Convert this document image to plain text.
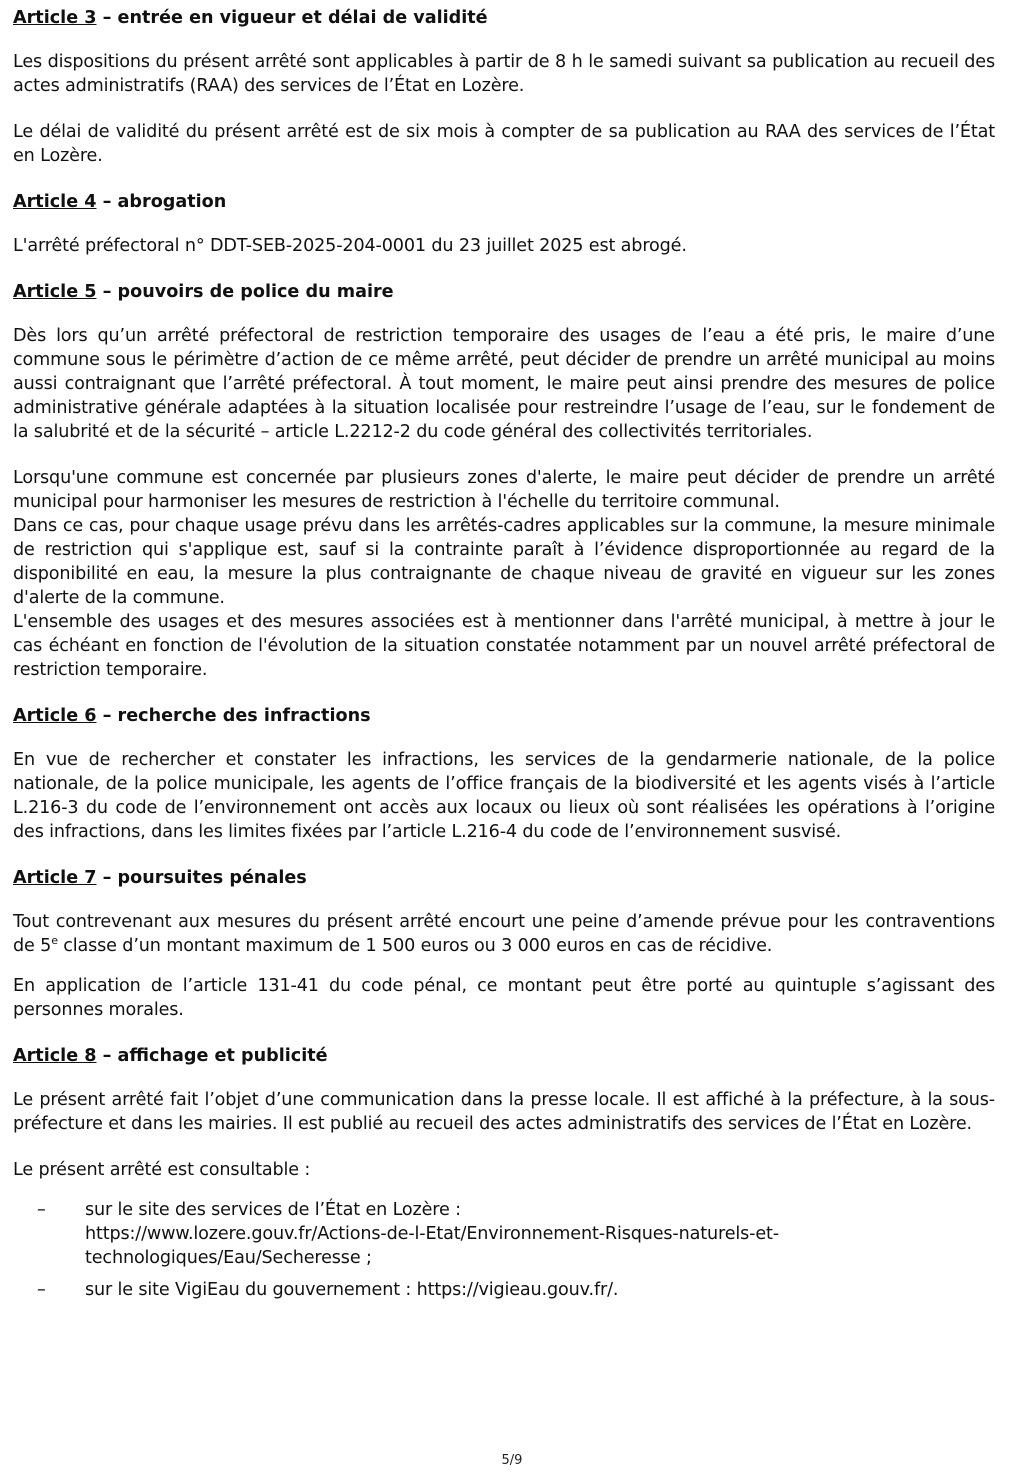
Article 3 – entrée en vigueur et délai de validité

Les dispositions du présent arrêté sont applicables à partir de 8 h le samedi suivant sa publication au recueil des actes administratifs (RAA) des services de l’État en Lozère.

Le délai de validité du présent arrêté est de six mois à compter de sa publication au RAA des services de l’État en Lozère.

Article 4 – abrogation

L'arrêté préfectoral n° DDT-SEB-2025-204-0001 du 23 juillet 2025 est abrogé.

Article 5 – pouvoirs de police du maire

Dès lors qu’un arrêté préfectoral de restriction temporaire des usages de l’eau a été pris, le maire d’une commune sous le périmètre d’action de ce même arrêté, peut décider de prendre un arrêté municipal au moins aussi contraignant que l’arrêté préfectoral. À tout moment, le maire peut ainsi prendre des mesures de police administrative générale adaptées à la situation localisée pour restreindre l’usage de l’eau, sur le fondement de la salubrité et de la sécurité – article L.2212-2 du code général des collectivités territoriales.

Lorsqu'une commune est concernée par plusieurs zones d'alerte, le maire peut décider de prendre un arrêté municipal pour harmoniser les mesures de restriction à l'échelle du territoire communal.

Dans ce cas, pour chaque usage prévu dans les arrêtés-cadres applicables sur la commune, la mesure minimale de restriction qui s'applique est, sauf si la contrainte paraît à l’évidence disproportionnée au regard de la disponibilité en eau, la mesure la plus contraignante de chaque niveau de gravité en vigueur sur les zones d'alerte de la commune.

L'ensemble des usages et des mesures associées est à mentionner dans l'arrêté municipal, à mettre à jour le cas échéant en fonction de l'évolution de la situation constatée notamment par un nouvel arrêté préfectoral de restriction temporaire.

Article 6 – recherche des infractions

En vue de rechercher et constater les infractions, les services de la gendarmerie nationale, de la police nationale, de la police municipale, les agents de l’office français de la biodiversité et les agents visés à l’article L.216-3 du code de l’environnement ont accès aux locaux ou lieux où sont réalisées les opérations à l’origine des infractions, dans les limites fixées par l’article L.216-4 du code de l’environnement susvisé.

Article 7 – poursuites pénales

Tout contrevenant aux mesures du présent arrêté encourt une peine d’amende prévue pour les contraventions de 5e classe d’un montant maximum de 1 500 euros ou 3 000 euros en cas de récidive.

En application de l’article 131-41 du code pénal, ce montant peut être porté au quintuple s’agissant des personnes morales.

Article 8 – affichage et publicité

Le présent arrêté fait l’objet d’une communication dans la presse locale. Il est affiché à la préfecture, à la sous-préfecture et dans les mairies. Il est publié au recueil des actes administratifs des services de l’État en Lozère.

Le présent arrêté est consultable :

– sur le site des services de l’État en Lozère :
https://www.lozere.gouv.fr/Actions-de-l-Etat/Environnement-Risques-naturels-et-
technologiques/Eau/Secheresse ;
– sur le site VigiEau du gouvernement : https://vigieau.gouv.fr/.
5/9
